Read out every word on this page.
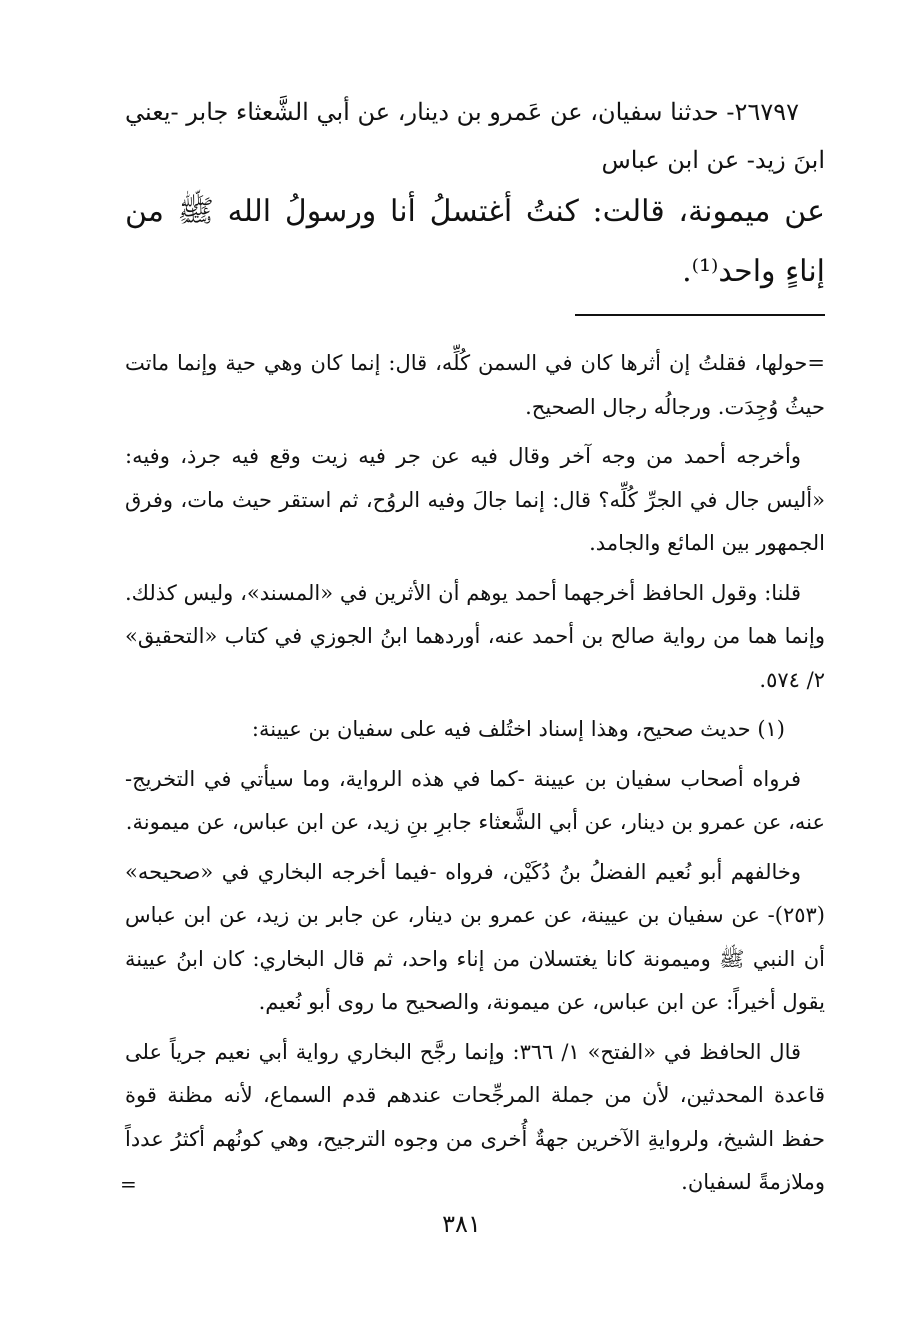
٢٦٧٩٧- حدثنا سفيان، عن عَمرو بن دينار، عن أبي الشَّعثاء جابر -يعني ابنَ زيد- عن ابن عباس

عن ميمونة، قالت: كنتُ أغتسلُ أنا ورسولُ الله ﷺ من إناءٍ واحد⁽¹⁾.

=حولها، فقلتُ إن أثرها كان في السمن كُلِّه، قال: إنما كان وهي حية وإنما ماتت حيثُ وُجِدَت. ورجالُه رجال الصحيح.

وأخرجه أحمد من وجه آخر وقال فيه عن جر فيه زيت وقع فيه جرذ، وفيه: «أليس جال في الجرِّ كُلِّه؟ قال: إنما جالَ وفيه الروُح، ثم استقر حيث مات، وفرق الجمهور بين المائع والجامد.

قلنا: وقول الحافظ أخرجهما أحمد يوهم أن الأثرين في «المسند»، وليس كذلك. وإنما هما من رواية صالح بن أحمد عنه، أوردهما ابنُ الجوزي في كتاب «التحقيق» ٢/ ٥٧٤.

(١) حديث صحيح، وهذا إسناد اختُلف فيه على سفيان بن عيينة:

فرواه أصحاب سفيان بن عيينة -كما في هذه الرواية، وما سيأتي في التخريج- عنه، عن عمرو بن دينار، عن أبي الشَّعثاء جابرِ بنِ زيد، عن ابن عباس، عن ميمونة.

وخالفهم أبو نُعيم الفضلُ بنُ دُكَيْن، فرواه -فيما أخرجه البخاري في «صحيحه» (٢٥٣)- عن سفيان بن عيينة، عن عمرو بن دينار، عن جابر بن زيد، عن ابن عباس أن النبي ﷺ وميمونة كانا يغتسلان من إناء واحد، ثم قال البخاري: كان ابنُ عيينة يقول أخيراً: عن ابن عباس، عن ميمونة، والصحيح ما روى أبو نُعيم.

قال الحافظ في «الفتح» ١/ ٣٦٦: وإنما رجَّح البخاري رواية أبي نعيم جرياً على قاعدة المحدثين، لأن من جملة المرجِّحات عندهم قدم السماع، لأنه مظنة قوة حفظ الشيخ، ولروايةِ الآخرين جهةٌ أُخرى من وجوه الترجيح، وهي كونُهم أكثرُ عدداً وملازمةً لسفيان.

=
٣٨١
